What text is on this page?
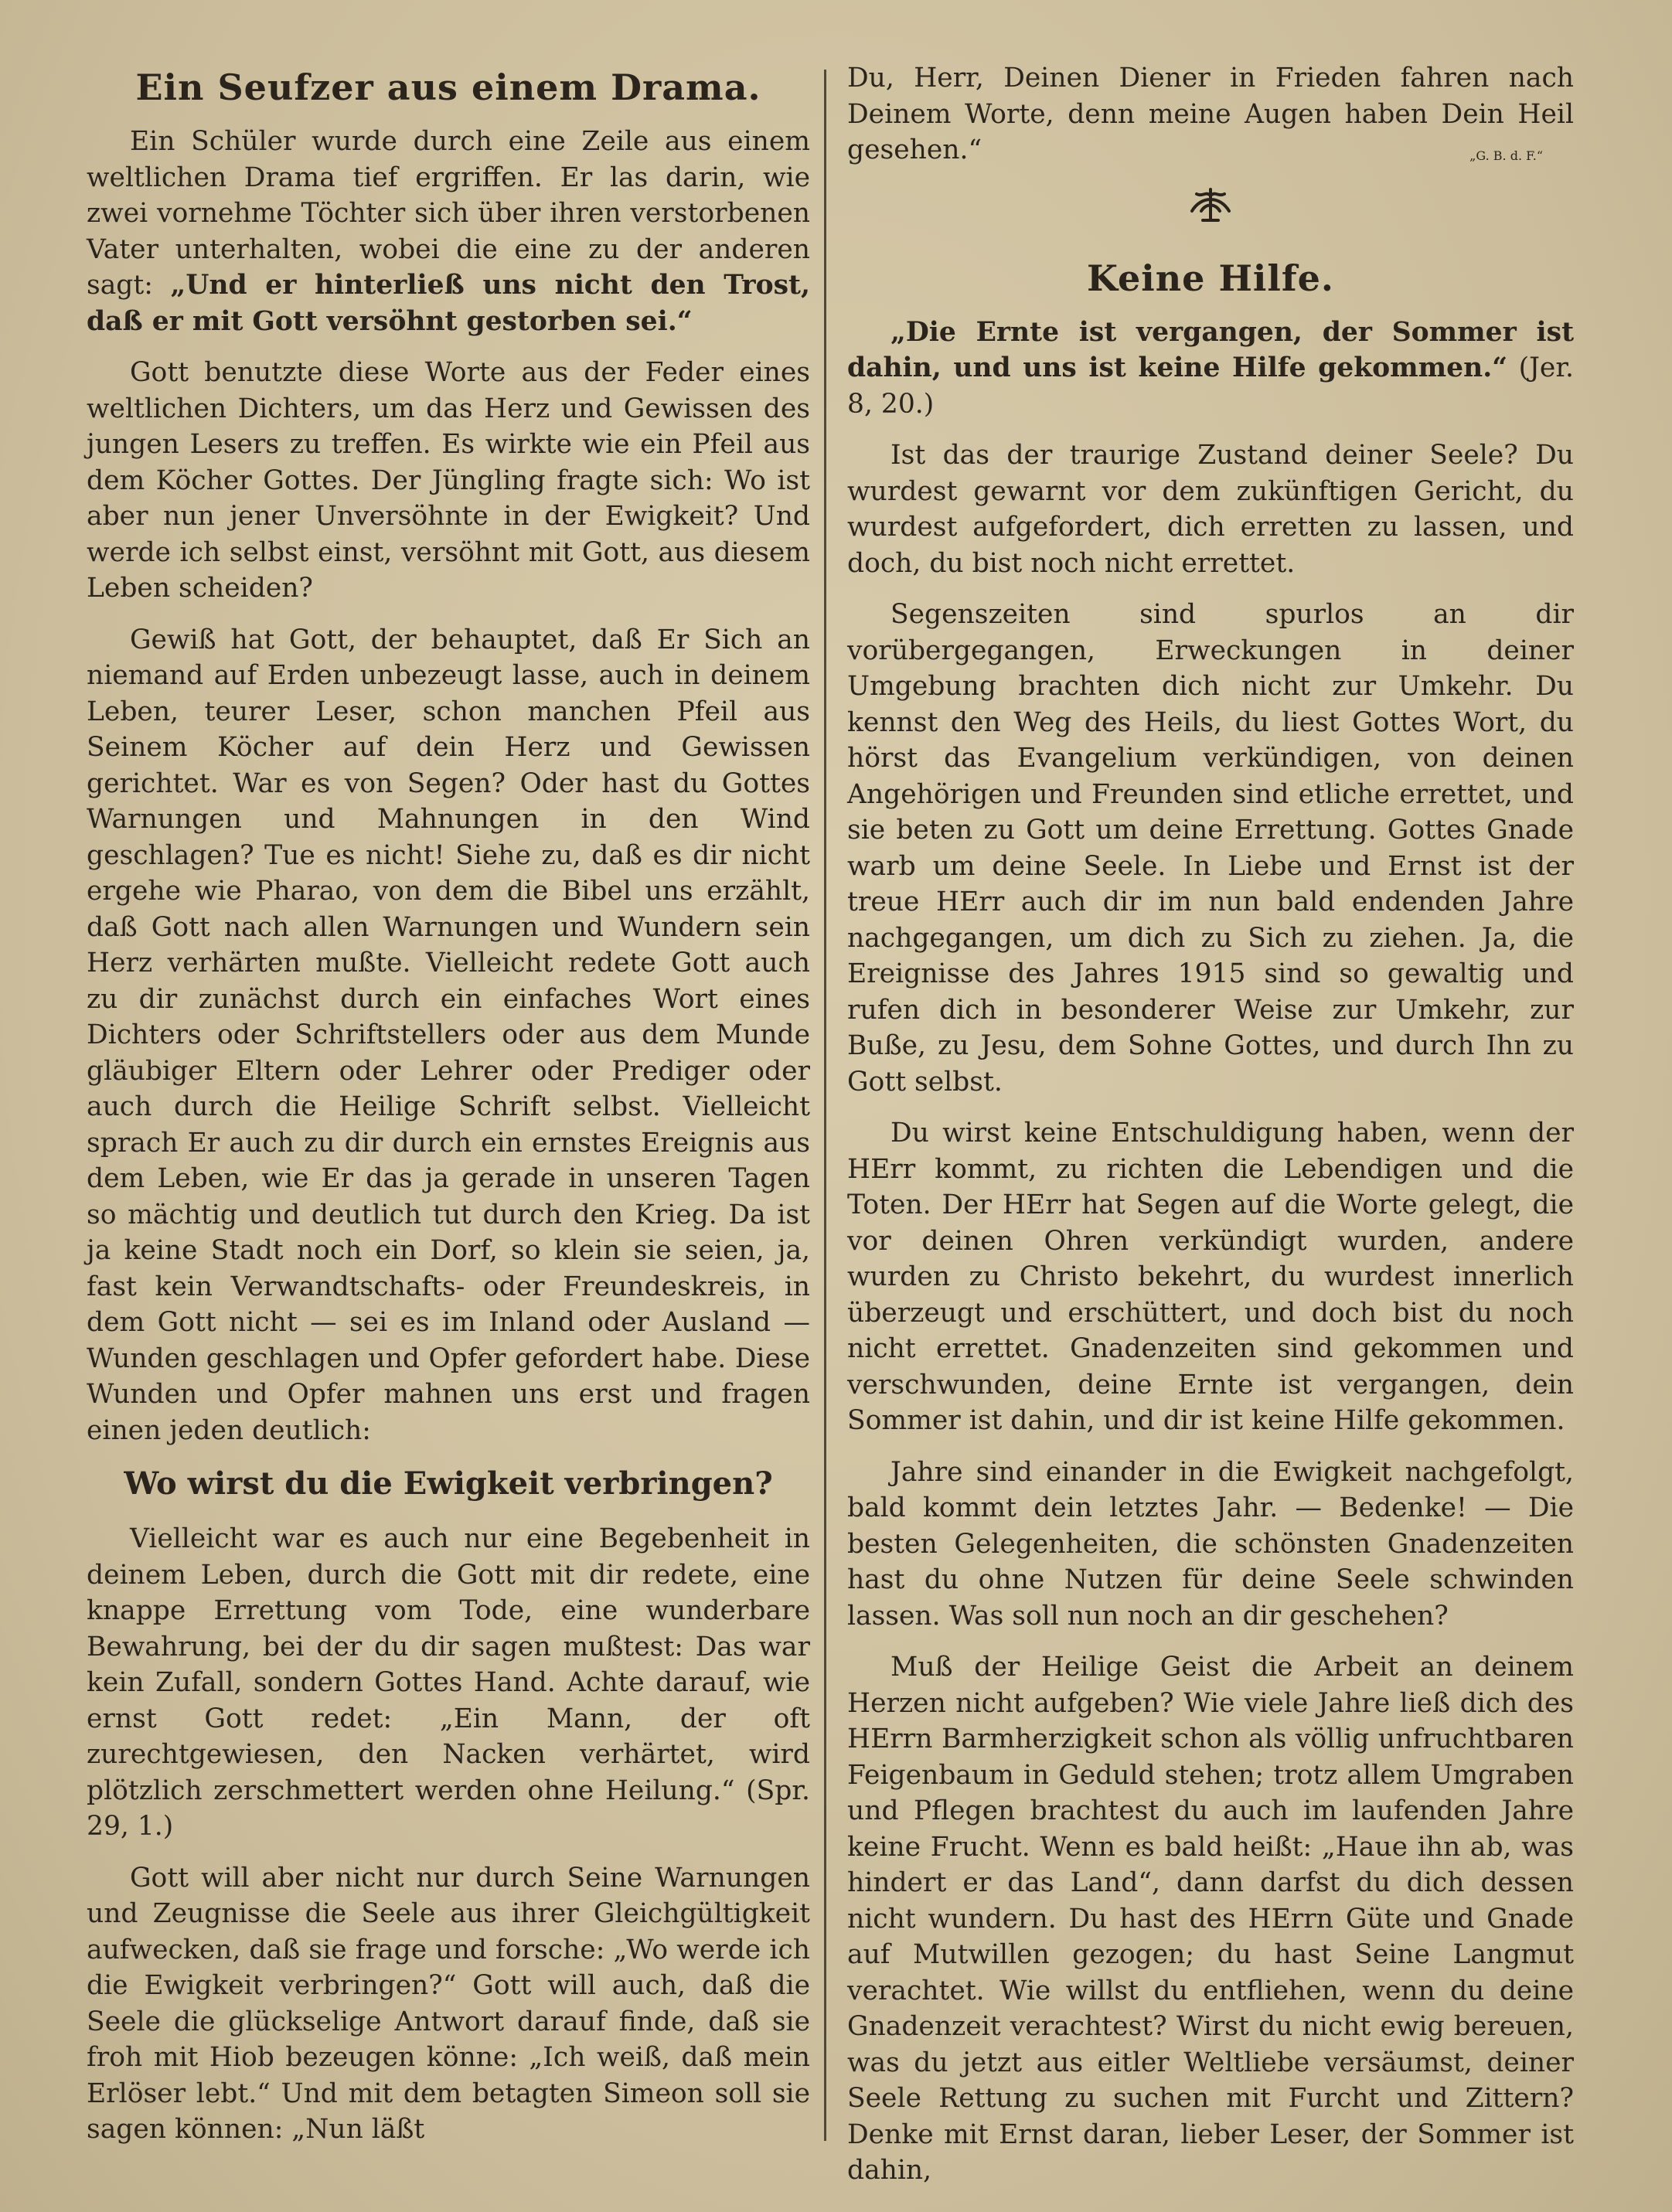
Ein Seufzer aus einem Drama.

Ein Schüler wurde durch eine Zeile aus einem weltlichen Drama tief ergriffen. Er las darin, wie zwei vornehme Töchter sich über ihren verstorbenen Vater unterhalten, wobei die eine zu der anderen sagt: „Und er hinterließ uns nicht den Trost, daß er mit Gott versöhnt gestorben sei.“

Gott benutzte diese Worte aus der Feder eines weltlichen Dichters, um das Herz und Gewissen des jungen Lesers zu treffen. Es wirkte wie ein Pfeil aus dem Köcher Gottes. Der Jüngling fragte sich: Wo ist aber nun jener Unversöhnte in der Ewigkeit? Und werde ich selbst einst, versöhnt mit Gott, aus diesem Leben scheiden?

Gewiß hat Gott, der behauptet, daß Er Sich an niemand auf Erden unbezeugt lasse, auch in deinem Leben, teurer Leser, schon manchen Pfeil aus Seinem Köcher auf dein Herz und Gewissen gerichtet. War es von Segen? Oder hast du Gottes Warnungen und Mahnungen in den Wind geschlagen? Tue es nicht! Siehe zu, daß es dir nicht ergehe wie Pharao, von dem die Bibel uns erzählt, daß Gott nach allen Warnungen und Wundern sein Herz verhärten mußte. Vielleicht redete Gott auch zu dir zunächst durch ein einfaches Wort eines Dichters oder Schriftstellers oder aus dem Munde gläubiger Eltern oder Lehrer oder Prediger oder auch durch die Heilige Schrift selbst. Vielleicht sprach Er auch zu dir durch ein ernstes Ereignis aus dem Leben, wie Er das ja gerade in unseren Tagen so mächtig und deutlich tut durch den Krieg. Da ist ja keine Stadt noch ein Dorf, so klein sie seien, ja, fast kein Verwandtschafts- oder Freundeskreis, in dem Gott nicht — sei es im Inland oder Ausland — Wunden geschlagen und Opfer gefordert habe. Diese Wunden und Opfer mahnen uns erst und fragen einen jeden deutlich:

Wo wirst du die Ewigkeit verbringen?

Vielleicht war es auch nur eine Begebenheit in deinem Leben, durch die Gott mit dir redete, eine knappe Errettung vom Tode, eine wunderbare Bewahrung, bei der du dir sagen mußtest: Das war kein Zufall, sondern Gottes Hand. Achte darauf, wie ernst Gott redet: „Ein Mann, der oft zurechtgewiesen, den Nacken verhärtet, wird plötzlich zerschmettert werden ohne Heilung.“ (Spr. 29, 1.)

Gott will aber nicht nur durch Seine Warnungen und Zeugnisse die Seele aus ihrer Gleichgültigkeit aufwecken, daß sie frage und forsche: „Wo werde ich die Ewigkeit verbringen?“ Gott will auch, daß die Seele die glückselige Antwort darauf finde, daß sie froh mit Hiob bezeugen könne: „Ich weiß, daß mein Erlöser lebt.“ Und mit dem betagten Simeon soll sie sagen können: „Nun läßt

Du, Herr, Deinen Diener in Frieden fahren nach Deinem Worte, denn meine Augen haben Dein Heil gesehen.“	„G. B. d. F.“
Keine Hilfe.

„Die Ernte ist vergangen, der Sommer ist dahin, und uns ist keine Hilfe gekommen.“ (Jer. 8, 20.)

Ist das der traurige Zustand deiner Seele? Du wurdest gewarnt vor dem zukünftigen Gericht, du wurdest aufgefordert, dich erretten zu lassen, und doch, du bist noch nicht errettet.

Segenszeiten sind spurlos an dir vorübergegangen, Erweckungen in deiner Umgebung brachten dich nicht zur Umkehr. Du kennst den Weg des Heils, du liest Gottes Wort, du hörst das Evangelium verkündigen, von deinen Angehörigen und Freunden sind etliche errettet, und sie beten zu Gott um deine Errettung. Gottes Gnade warb um deine Seele. In Liebe und Ernst ist der treue HErr auch dir im nun bald endenden Jahre nachgegangen, um dich zu Sich zu ziehen. Ja, die Ereignisse des Jahres 1915 sind so gewaltig und rufen dich in besonderer Weise zur Umkehr, zur Buße, zu Jesu, dem Sohne Gottes, und durch Ihn zu Gott selbst.

Du wirst keine Entschuldigung haben, wenn der HErr kommt, zu richten die Lebendigen und die Toten. Der HErr hat Segen auf die Worte gelegt, die vor deinen Ohren verkündigt wurden, andere wurden zu Christo bekehrt, du wurdest innerlich überzeugt und erschüttert, und doch bist du noch nicht errettet. Gnadenzeiten sind gekommen und verschwunden, deine Ernte ist vergangen, dein Sommer ist dahin, und dir ist keine Hilfe gekommen.

Jahre sind einander in die Ewigkeit nachgefolgt, bald kommt dein letztes Jahr. — Bedenke! — Die besten Gelegenheiten, die schönsten Gnadenzeiten hast du ohne Nutzen für deine Seele schwinden lassen. Was soll nun noch an dir geschehen?

Muß der Heilige Geist die Arbeit an deinem Herzen nicht aufgeben? Wie viele Jahre ließ dich des HErrn Barmherzigkeit schon als völlig unfruchtbaren Feigenbaum in Geduld stehen; trotz allem Umgraben und Pflegen brachtest du auch im laufenden Jahre keine Frucht. Wenn es bald heißt: „Haue ihn ab, was hindert er das Land“, dann darfst du dich dessen nicht wundern. Du hast des HErrn Güte und Gnade auf Mutwillen gezogen; du hast Seine Langmut verachtet. Wie willst du entfliehen, wenn du deine Gnadenzeit verachtest? Wirst du nicht ewig bereuen, was du jetzt aus eitler Weltliebe versäumst, deiner Seele Rettung zu suchen mit Furcht und Zittern? Denke mit Ernst daran, lieber Leser, der Sommer ist dahin,
